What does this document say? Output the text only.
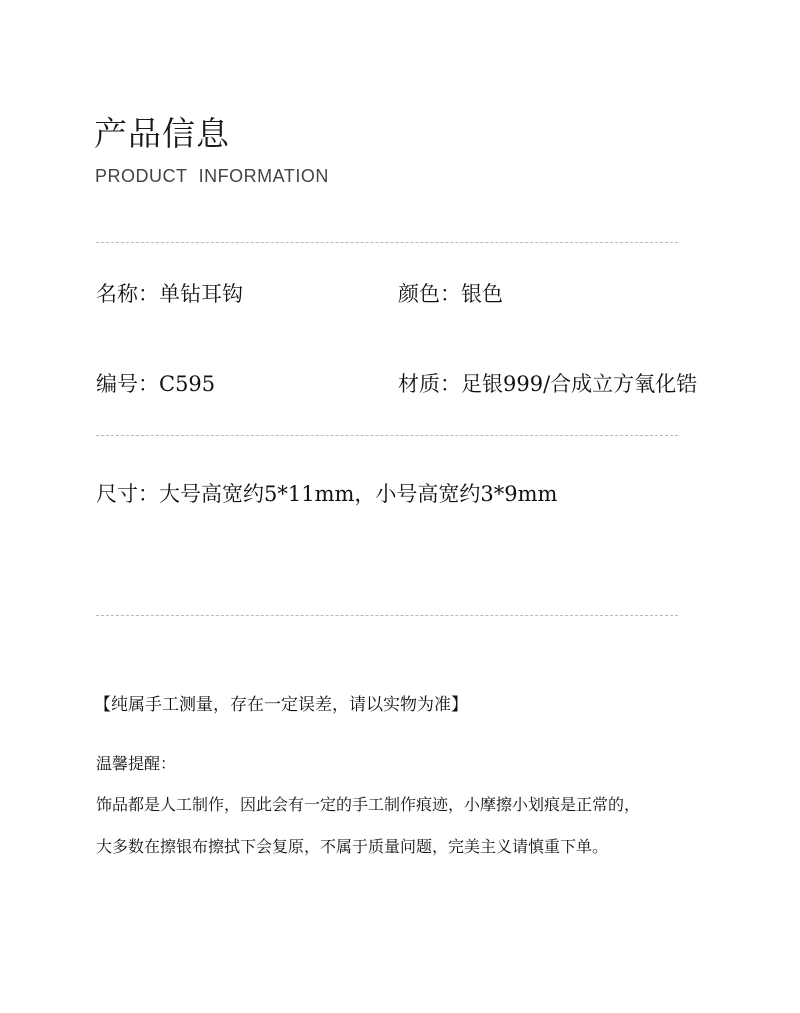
产品信息
PRODUCT INFORMATION
名称：单钻耳钩	颜色：银色
编号：C595	材质：足银999/合成立方氧化锆
尺寸：大号高宽约5*11mm，小号高宽约3*9mm
【纯属手工测量，存在一定误差，请以实物为准】
温馨提醒：
饰品都是人工制作，因此会有一定的手工制作痕迹，小摩擦小划痕是正常的，
大多数在擦银布擦拭下会复原，不属于质量问题，完美主义请慎重下单。
